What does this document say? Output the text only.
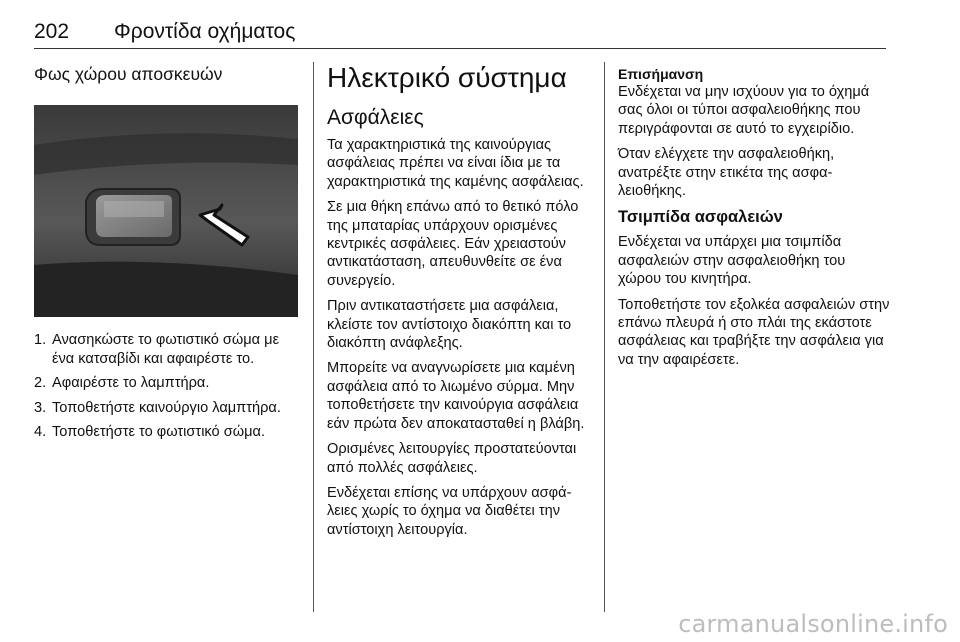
202 Φροντίδα οχήματος
Φως χώρου αποσκευών
1. Ανασηκώστε το φωτιστικό σώμα με ένα κατσαβίδι και αφαιρέστε το.
2. Αφαιρέστε το λαμπτήρα.
3. Τοποθετήστε καινούργιο λαμπτήρα.
4. Τοποθετήστε το φωτιστικό σώμα.
Ηλεκτρικό σύστημα
Ασφάλειες

Τα χαρακτηριστικά της καινούργιας ασφάλειας πρέπει να είναι ίδια με τα χαρακτηριστικά της καμένης ασφάλειας.

Σε μια θήκη επάνω από το θετικό πόλο της μπαταρίας υπάρχουν ορισμένες κεντρικές ασφάλειες. Εάν χρειαστούν αντικατάσταση, απευθυνθείτε σε ένα συνεργείο.

Πριν αντικαταστήσετε μια ασφάλεια, κλείστε τον αντίστοιχο διακόπτη και το διακόπτη ανάφλεξης.

Μπορείτε να αναγνωρίσετε μια καμένη ασφάλεια από το λιωμένο σύρμα. Μην τοποθετήσετε την καινούργια ασφάλεια εάν πρώτα δεν αποκατασταθεί η βλάβη.

Ορισμένες λειτουργίες προστατεύονται από πολλές ασφάλειες.

Ενδέχεται επίσης να υπάρχουν ασφάλειες χωρίς το όχημα να διαθέτει την αντίστοιχη λειτουργία.

Επισήμανση

Ενδέχεται να μην ισχύουν για το όχημά σας όλοι οι τύποι ασφαλειοθήκης που περιγράφονται σε αυτό το εγχειρίδιο.

Όταν ελέγχετε την ασφαλειοθήκη, ανατρέξτε στην ετικέτα της ασφαλειοθήκης.

Τσιμπίδα ασφαλειών

Ενδέχεται να υπάρχει μια τσιμπίδα ασφαλειών στην ασφαλειοθήκη του χώρου του κινητήρα.

Τοποθετήστε τον εξολκέα ασφαλειών στην επάνω πλευρά ή στο πλάι της εκάστοτε ασφάλειας και τραβήξτε την ασφάλεια για να την αφαιρέσετε.

carmanualsonline.info
